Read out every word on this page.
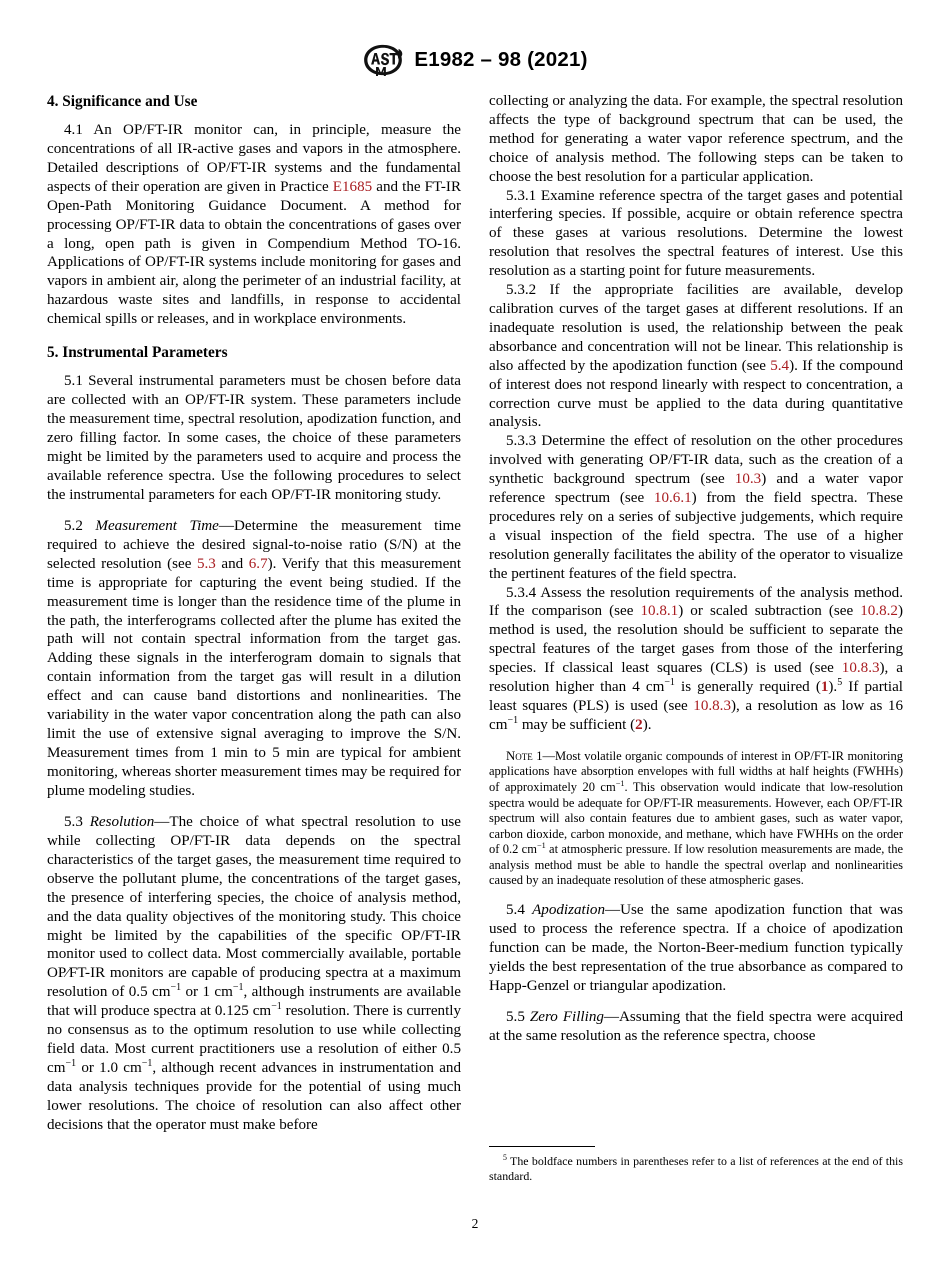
E1982 – 98 (2021)
4. Significance and Use

4.1 An OP/FT-IR monitor can, in principle, measure the concentrations of all IR-active gases and vapors in the atmosphere. Detailed descriptions of OP/FT-IR systems and the fundamental aspects of their operation are given in Practice E1685 and the FT-IR Open-Path Monitoring Guidance Document. A method for processing OP/FT-IR data to obtain the concentrations of gases over a long, open path is given in Compendium Method TO-16. Applications of OP/FT-IR systems include monitoring for gases and vapors in ambient air, along the perimeter of an industrial facility, at hazardous waste sites and landfills, in response to accidental chemical spills or releases, and in workplace environments.

5. Instrumental Parameters

5.1 Several instrumental parameters must be chosen before data are collected with an OP/FT-IR system. These parameters include the measurement time, spectral resolution, apodization function, and zero filling factor. In some cases, the choice of these parameters might be limited by the parameters used to acquire and process the available reference spectra. Use the following procedures to select the instrumental parameters for each OP/FT-IR monitoring study.

5.2 Measurement Time—Determine the measurement time required to achieve the desired signal-to-noise ratio (S/N) at the selected resolution (see 5.3 and 6.7). Verify that this measurement time is appropriate for capturing the event being studied. If the measurement time is longer than the residence time of the plume in the path, the interferograms collected after the plume has exited the path will not contain spectral information from the target gas. Adding these signals in the interferogram domain to signals that contain information from the target gas will result in a dilution effect and can cause band distortions and nonlinearities. The variability in the water vapor concentration along the path can also limit the use of extensive signal averaging to improve the S/N. Measurement times from 1 min to 5 min are typical for ambient monitoring, whereas shorter measurement times may be required for plume modeling studies.

5.3 Resolution—The choice of what spectral resolution to use while collecting OP/FT-IR data depends on the spectral characteristics of the target gases, the measurement time required to observe the pollutant plume, the concentrations of the target gases, the presence of interfering species, the choice of analysis method, and the data quality objectives of the monitoring study. This choice might be limited by the capabilities of the specific OP/FT-IR monitor used to collect data. Most commercially available, portable OP⁄FT-IR monitors are capable of producing spectra at a maximum resolution of 0.5 $cm^{-1}$ or 1 $cm^{-1}$, although instruments are available that will produce spectra at 0.125 $cm^{-1}$ resolution. There is currently no consensus as to the optimum resolution to use while collecting field data. Most current practitioners use a resolution of either 0.5 $cm^{-1}$ or 1.0 $cm^{-1}$, although recent advances in instrumentation and data analysis techniques provide for the potential of using much lower resolutions. The choice of resolution can also affect other decisions that the operator must make before

collecting or analyzing the data. For example, the spectral resolution affects the type of background spectrum that can be used, the method for generating a water vapor reference spectrum, and the choice of analysis method. The following steps can be taken to choose the best resolution for a particular application.

5.3.1 Examine reference spectra of the target gases and potential interfering species. If possible, acquire or obtain reference spectra of these gases at various resolutions. Determine the lowest resolution that resolves the spectral features of interest. Use this resolution as a starting point for future measurements.

5.3.2 If the appropriate facilities are available, develop calibration curves of the target gases at different resolutions. If an inadequate resolution is used, the relationship between the peak absorbance and concentration will not be linear. This relationship is also affected by the apodization function (see 5.4). If the compound of interest does not respond linearly with respect to concentration, a correction curve must be applied to the data during quantitative analysis.

5.3.3 Determine the effect of resolution on the other procedures involved with generating OP/FT-IR data, such as the creation of a synthetic background spectrum (see 10.3) and a water vapor reference spectrum (see 10.6.1) from the field spectra. These procedures rely on a series of subjective judgements, which require a visual inspection of the field spectra. The use of a higher resolution generally facilitates the ability of the operator to visualize the pertinent features of the field spectra.

5.3.4 Assess the resolution requirements of the analysis method. If the comparison (see 10.8.1) or scaled subtraction (see 10.8.2) method is used, the resolution should be sufficient to separate the spectral features of the target gases from those of the interfering species. If classical least squares (CLS) is used (see 10.8.3), a resolution higher than 4 $cm^{-1}$ is generally required (1).$^5$ If partial least squares (PLS) is used (see 10.8.3), a resolution as low as 16 $cm^{-1}$ may be sufficient (2).

Note 1—Most volatile organic compounds of interest in OP/FT-IR monitoring applications have absorption envelopes with full widths at half heights (FWHHs) of approximately 20 $cm^{-1}$. This observation would indicate that low-resolution spectra would be adequate for OP/FT-IR measurements. However, each OP/FT-IR spectrum will also contain features due to ambient gases, such as water vapor, carbon dioxide, carbon monoxide, and methane, which have FWHHs on the order of 0.2 $cm^{-1}$ at atmospheric pressure. If low resolution measurements are made, the analysis method must be able to handle the spectral overlap and nonlinearities caused by an inadequate resolution of these atmospheric gases.

5.4 Apodization—Use the same apodization function that was used to process the reference spectra. If a choice of apodization function can be made, the Norton-Beer-medium function typically yields the best representation of the true absorbance as compared to Happ-Genzel or triangular apodization.

5.5 Zero Filling—Assuming that the field spectra were acquired at the same resolution as the reference spectra, choose

$^5$ The boldface numbers in parentheses refer to a list of references at the end of this standard.

2
